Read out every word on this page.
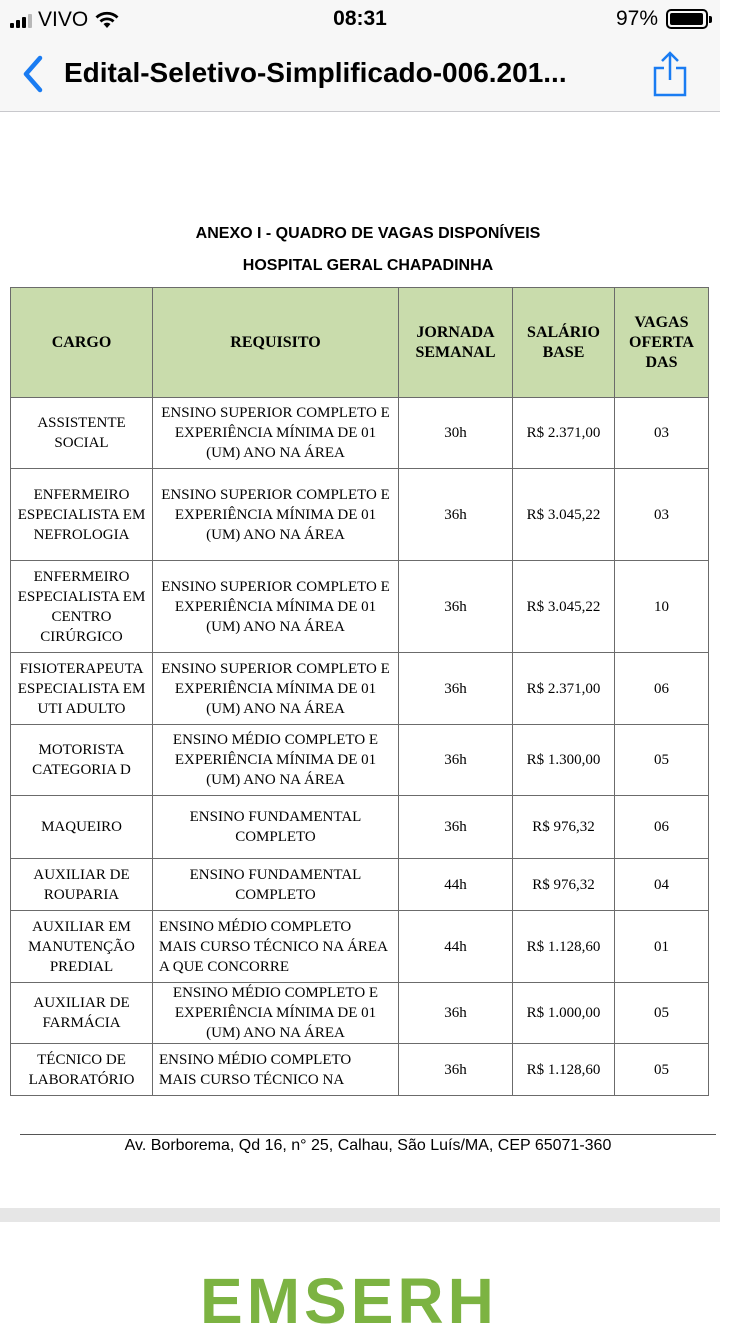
VIVO	08:31	97%
Edital-Seletivo-Simplificado-006.201...
ANEXO I - QUADRO DE VAGAS DISPONÍVEIS
HOSPITAL GERAL CHAPADINHA
CARGO	REQUISITO	JORNADA SEMANAL	SALÁRIO BASE	VAGAS OFERTA DAS
ASSISTENTE SOCIAL	ENSINO SUPERIOR COMPLETO E EXPERIÊNCIA MÍNIMA DE 01 (UM) ANO NA ÁREA	30h	R$ 2.371,00	03
ENFERMEIRO ESPECIALISTA EM NEFROLOGIA	ENSINO SUPERIOR COMPLETO E EXPERIÊNCIA MÍNIMA DE 01 (UM) ANO NA ÁREA	36h	R$ 3.045,22	03
ENFERMEIRO ESPECIALISTA EM CENTRO CIRÚRGICO	ENSINO SUPERIOR COMPLETO E EXPERIÊNCIA MÍNIMA DE 01 (UM) ANO NA ÁREA	36h	R$ 3.045,22	10
FISIOTERAPEUTA ESPECIALISTA EM UTI ADULTO	ENSINO SUPERIOR COMPLETO E EXPERIÊNCIA MÍNIMA DE 01 (UM) ANO NA ÁREA	36h	R$ 2.371,00	06
MOTORISTA CATEGORIA D	ENSINO MÉDIO COMPLETO E EXPERIÊNCIA MÍNIMA DE 01 (UM) ANO NA ÁREA	36h	R$ 1.300,00	05
MAQUEIRO	ENSINO FUNDAMENTAL COMPLETO	36h	R$ 976,32	06
AUXILIAR DE ROUPARIA	ENSINO FUNDAMENTAL COMPLETO	44h	R$ 976,32	04
AUXILIAR EM MANUTENÇÃO PREDIAL	ENSINO MÉDIO COMPLETO MAIS CURSO TÉCNICO NA ÁREA A QUE CONCORRE	44h	R$ 1.128,60	01
AUXILIAR DE FARMÁCIA	ENSINO MÉDIO COMPLETO E EXPERIÊNCIA MÍNIMA DE 01 (UM) ANO NA ÁREA	36h	R$ 1.000,00	05
TÉCNICO DE LABORATÓRIO	ENSINO MÉDIO COMPLETO MAIS CURSO TÉCNICO NA	36h	R$ 1.128,60	05
Av. Borborema, Qd 16, n° 25, Calhau, São Luís/MA, CEP 65071-360
EMSERH
